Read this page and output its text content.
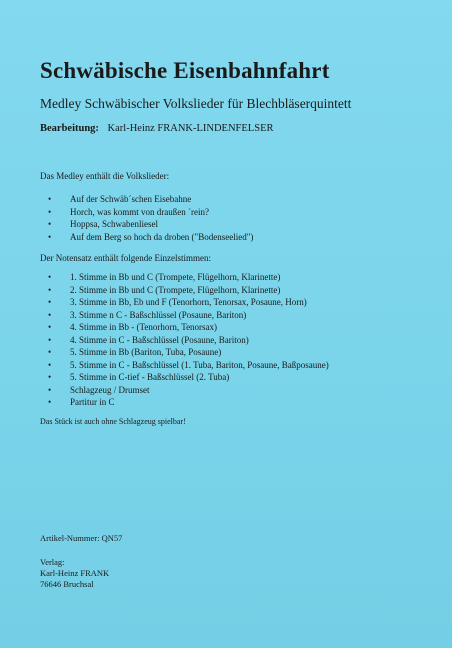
Schwäbische Eisenbahnfahrt
Medley Schwäbischer Volkslieder für Blechbläserquintett
Bearbeitung: Karl-Heinz FRANK-LINDENFELSER
Das Medley enthält die Volkslieder:
• Auf der Schwäb´schen Eisebahne
• Horch, was kommt von draußen ´rein?
• Hoppsa, Schwabenliesel
• Auf dem Berg so hoch da droben ("Bodenseelied")
Der Notensatz enthält folgende Einzelstimmen:
• 1. Stimme in Bb und C (Trompete, Flügelhorn, Klarinette)
• 2. Stimme in Bb und C (Trompete, Flügelhorn, Klarinette)
• 3. Stimme in Bb, Eb und F (Tenorhorn, Tenorsax, Posaune, Horn)
• 3. Stimme n C - Baßschlüssel (Posaune, Bariton)
• 4. Stimme in Bb - (Tenorhorn, Tenorsax)
• 4. Stimme in C - Baßschlüssel (Posaune, Bariton)
• 5. Stimme in Bb (Bariton, Tuba, Posaune)
• 5. Stimme in C - Baßschlüssel (1. Tuba, Bariton, Posaune, Baßposaune)
• 5. Stimme in C-tief - Baßschlüssel (2. Tuba)
• Schlagzeug / Drumset
• Partitur in C
Das Stück ist auch ohne Schlagzeug spielbar!
Artikel-Nummer: QN57
Verlag:
Karl-Heinz FRANK
76646 Bruchsal
